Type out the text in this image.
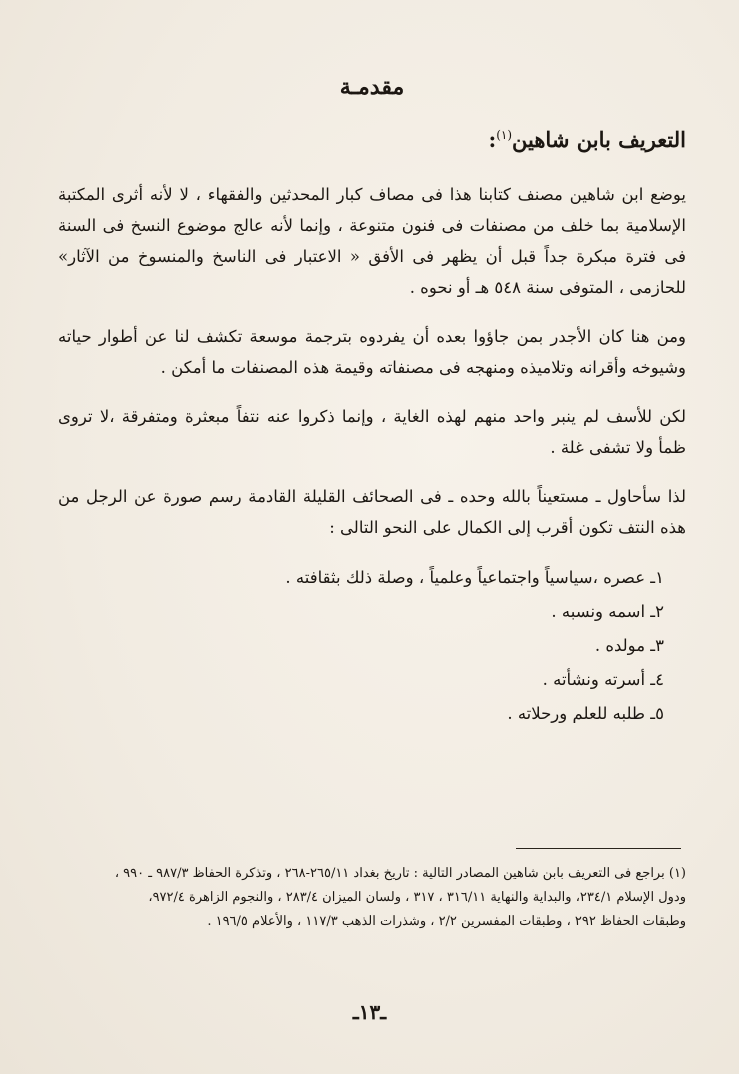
مقدمـة
التعريف بابن شاهين$^{(١)}$:

يوضع ابن شاهين مصنف كتابنا هذا فى مصاف كبار المحدثين والفقهاء ، لا لأنه أثرى المكتبة الإسلامية بما خلف من مصنفات فى فنون متنوعة ، وإنما لأنه عالج موضوع النسخ فى السنة فى فترة مبكرة جداً قبل أن يظهر فى الأفق « الاعتبار فى الناسخ والمنسوخ من الآثار» للحازمى ، المتوفى سنة ٥٤٨ هـ أو نحوه .

ومن هنا كان الأجدر بمن جاؤوا بعده أن يفردوه بترجمة موسعة تكشف لنا عن أطوار حياته وشيوخه وأقرانه وتلاميذه ومنهجه فى مصنفاته وقيمة هذه المصنفات ما أمكن .

لكن للأسف لم ينبر واحد منهم لهذه الغاية ، وإنما ذكروا عنه نتفاً مبعثرة ومتفرقة ،لا تروى ظمأ ولا تشفى غلة .

لذا سأحاول ـ مستعيناً بالله وحده ـ فى الصحائف القليلة القادمة رسم صورة عن الرجل من هذه النتف تكون أقرب إلى الكمال على النحو التالى :

١ـ عصره ،سياسياً واجتماعياً وعلمياً ، وصلة ذلك بثقافته .
٢ـ اسمه ونسبه .
٣ـ مولده .
٤ـ أسرته ونشأته .
٥ـ طلبه للعلم ورحلاته .

(١) براجع فى التعريف بابن شاهين المصادر التالية : تاريخ بغداد ٢٦٥/١١-٢٦٨ ، وتذكرة الحفاظ ٩٨٧/٣ ـ ٩٩٠ ،

ودول الإسلام ٢٣٤/١، والبداية والنهاية ٣١٦/١١ ، ٣١٧ ، ولسان الميزان ٢٨٣/٤ ، والنجوم الزاهرة ٩٧٢/٤،

وطبقات الحفاظ ٢٩٢ ، وطبقات المفسرين ٢/٢ ، وشذرات الذهب ١١٧/٣ ، والأعلام ١٩٦/٥ .

ـ١٣ـ
